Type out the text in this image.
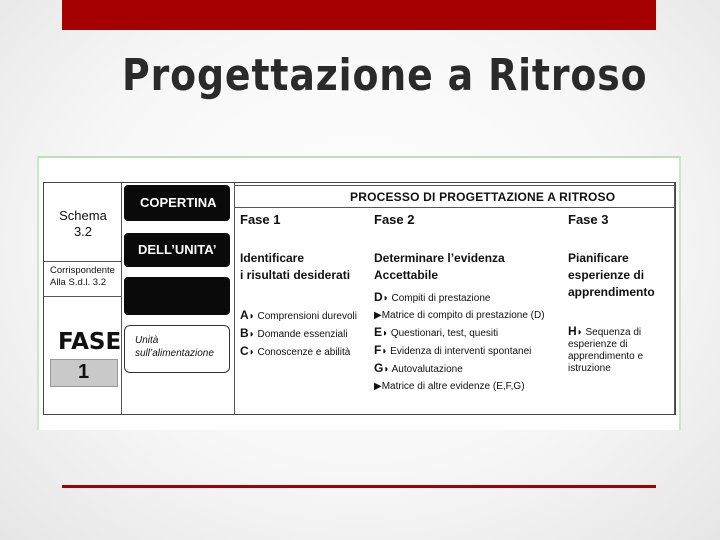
Progettazione a Ritroso
Schema
3.2
Corrispondente
Alla S.d.l. 3.2
FASE
1
COPERTINA
DELL’UNITA’
Unità
sull’alimentazione
PROCESSO DI PROGETTAZIONE A RITROSO
Fase 1
Identificare
i risultati desiderati
A◗ Comprensioni durevoli
B◗ Domande essenziali
C◗ Conoscenze e abilità
Fase 2
Determinare l’evidenza
Accettabile
D◗ Compiti di prestazione
▶Matrice di compito di prestazione (D)
E◗ Questionari, test, quesiti
F◗ Evidenza di interventi spontanei
G◗ Autovalutazione
▶Matrice di altre evidenze (E,F,G)
Fase 3
Pianificare
esperienze di
apprendimento
H◗ Sequenza di
esperienze di
apprendimento e
istruzione
